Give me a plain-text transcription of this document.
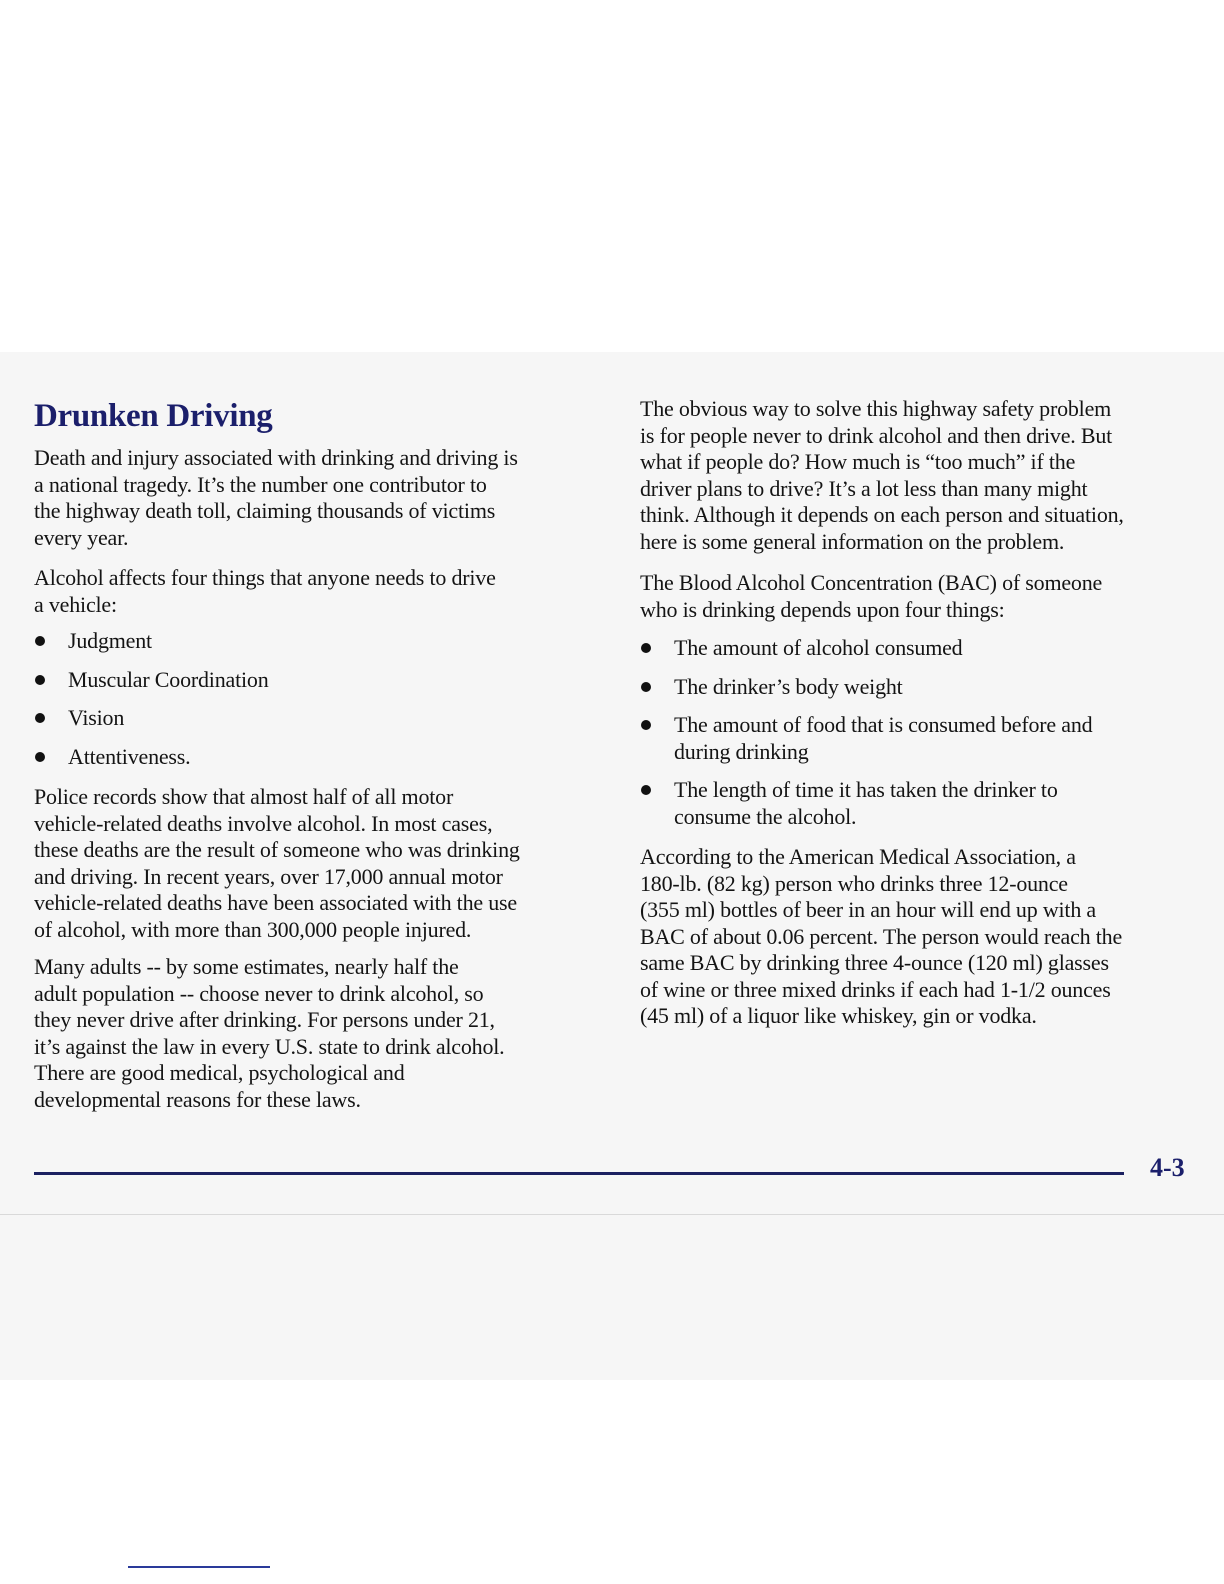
Drunken Driving

Death and injury associated with drinking and driving is
a national tragedy. It’s the number one contributor to
the highway death toll, claiming thousands of victims
every year.

Alcohol affects four things that anyone needs to drive
a vehicle:

Judgment
Muscular Coordination
Vision
Attentiveness.

Police records show that almost half of all motor
vehicle-related deaths involve alcohol. In most cases,
these deaths are the result of someone who was drinking
and driving. In recent years, over 17,000 annual motor
vehicle-related deaths have been associated with the use
of alcohol, with more than 300,000 people injured.

Many adults -- by some estimates, nearly half the
adult population -- choose never to drink alcohol, so
they never drive after drinking. For persons under 21,
it’s against the law in every U.S. state to drink alcohol.
There are good medical, psychological and
developmental reasons for these laws.

The obvious way to solve this highway safety problem
is for people never to drink alcohol and then drive. But
what if people do? How much is “too much” if the
driver plans to drive? It’s a lot less than many might
think. Although it depends on each person and situation,
here is some general information on the problem.

The Blood Alcohol Concentration (BAC) of someone
who is drinking depends upon four things:

The amount of alcohol consumed
The drinker’s body weight
The amount of food that is consumed before and
during drinking
The length of time it has taken the drinker to
consume the alcohol.

According to the American Medical Association, a
180-lb. (82 kg) person who drinks three 12-ounce
(355 ml) bottles of beer in an hour will end up with a
BAC of about 0.06 percent. The person would reach the
same BAC by drinking three 4-ounce (120 ml) glasses
of wine or three mixed drinks if each had 1-1/2 ounces
(45 ml) of a liquor like whiskey, gin or vodka.

4-3
